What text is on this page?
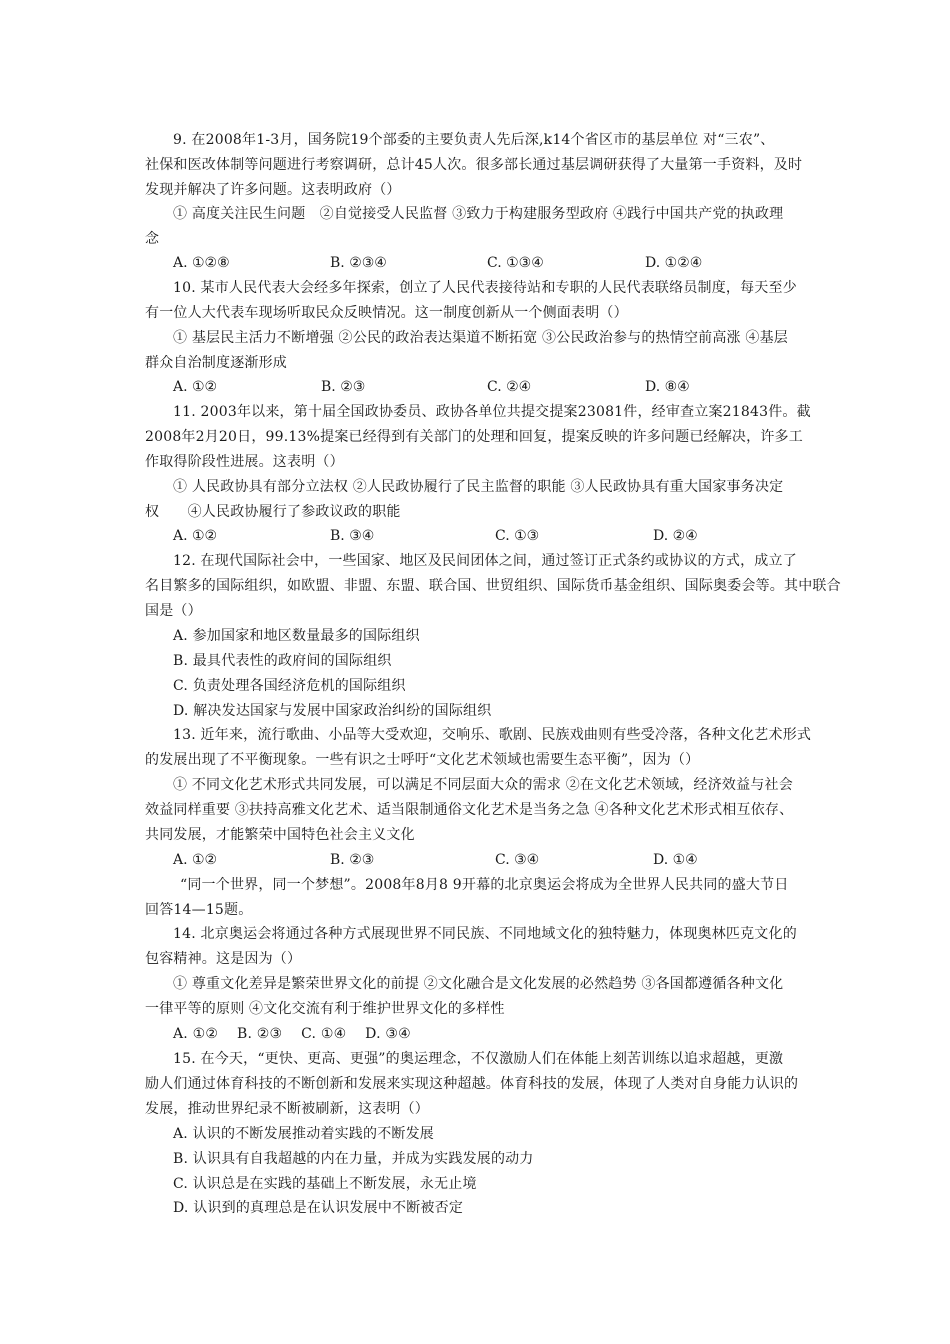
9. 在2008年1-3月，国务院19个部委的主要负责人先后深,k14个省区市的基层单位 对“三农”、
社保和医改体制等问题进行考察调研，总计45人次。很多部长通过基层调研获得了大量第一手资料，及时
发现并解决了许多问题。这表明政府（）
① 高度关注民生问题　②自觉接受人民监督 ③致力于构建服务型政府 ④践行中国共产党的执政理
念
A. ①②⑧	B. ②③④	C. ①③④	D. ①②④
10. 某市人民代表大会经多年探索，创立了人民代表接待站和专职的人民代表联络员制度，每天至少
有一位人大代表车现场听取民众反映情况。这一制度创新从一个侧面表明（）
① 基层民主活力不断增强 ②公民的政治表达渠道不断拓宽 ③公民政治参与的热情空前高涨 ④基层
群众自治制度逐渐形成
A. ①②	B. ②③	C. ②④	D. ⑧④
11. 2003年以来，第十届全国政协委员、政协各单位共提交提案23081件，经审查立案21843件。截
2008年2月20日，99.13%提案已经得到有关部门的处理和回复，提案反映的许多问题已经解决，许多工
作取得阶段性进展。这表明（）
① 人民政协具有部分立法权 ②人民政协履行了民主监督的职能 ③人民政协具有重大国家事务决定
权　　④人民政协履行了参政议政的职能
A. ①②	B. ③④	C. ①③	D. ②④
12. 在现代国际社会中，一些国家、地区及民间团体之间，通过签订正式条约或协议的方式，成立了
名目繁多的国际组织，如欧盟、非盟、东盟、联合国、世贸组织、国际货币基金组织、国际奥委会等。其中联合
国是（）
A. 参加国家和地区数量最多的国际组织
B. 最具代表性的政府间的国际组织
C. 负责处理各国经济危机的国际组织
D. 解决发达国家与发展中国家政治纠纷的国际组织
13. 近年来，流行歌曲、小品等大受欢迎，交响乐、歌剧、民族戏曲则有些受冷落，各种文化艺术形式
的发展出现了不平衡现象。一些有识之士呼吁“文化艺术领域也需要生态平衡”，因为（）
① 不同文化艺术形式共同发展，可以满足不同层面大众的需求 ②在文化艺术领域，经济效益与社会
效益同样重要 ③扶持高雅文化艺术、适当限制通俗文化艺术是当务之急 ④各种文化艺术形式相互依存、
共同发展，才能繁荣中国特色社会主义文化
A. ①②	B. ②③	C. ③④	D. ①④
“同一个世界，同一个梦想”。2008年8月8 9开幕的北京奥运会将成为全世界人民共同的盛大节日
回答14—15题。
14. 北京奥运会将通过各种方式展现世界不同民族、不同地域文化的独特魅力，体现奥林匹克文化的
包容精神。这是因为（）
① 尊重文化差异是繁荣世界文化的前提 ②文化融合是文化发展的必然趋势 ③各国都遵循各种文化
一律平等的原则 ④文化交流有利于维护世界文化的多样性
A. ①②　 B. ②③　 C. ①④　 D. ③④
15. 在今天，“更快、更高、更强”的奥运理念，不仅激励人们在体能上刻苦训练以追求超越，更激
励人们通过体育科技的不断创新和发展来实现这种超越。体育科技的发展，体现了人类对自身能力认识的
发展，推动世界纪录不断被刷新，这表明（）
A. 认识的不断发展推动着实践的不断发展
B. 认识具有自我超越的内在力量，并成为实践发展的动力
C. 认识总是在实践的基础上不断发展，永无止境
D. 认识到的真理总是在认识发展中不断被否定
